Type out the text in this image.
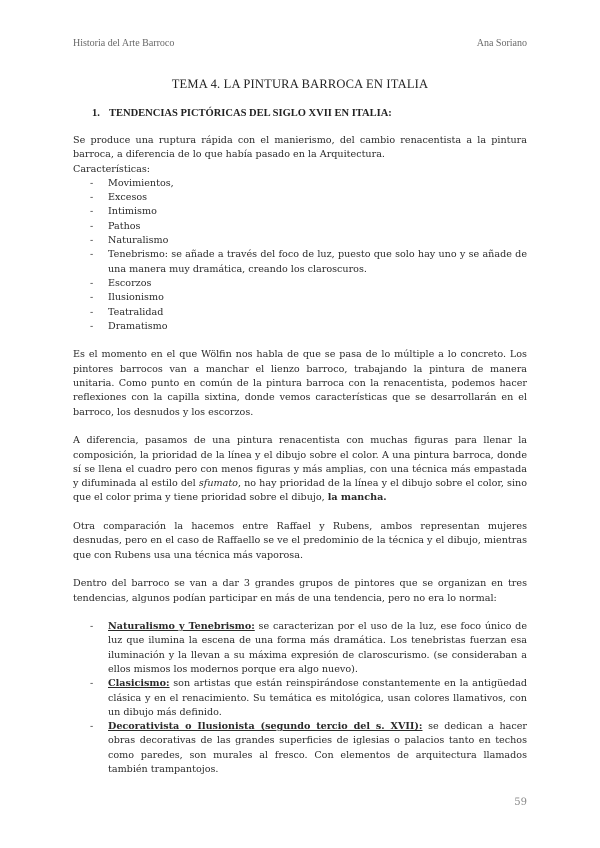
Historia del Arte Barroco	Ana Soriano
TEMA 4. LA PINTURA BARROCA EN ITALIA
1. TENDENCIAS PICTÓRICAS DEL SIGLO XVII EN ITALIA:

Se produce una ruptura rápida con el manierismo, del cambio renacentista a la pintura barroca, a diferencia de lo que había pasado en la Arquitectura.

Características:

- Movimientos,
- Excesos
- Intimismo
- Pathos
- Naturalismo
- Tenebrismo: se añade a través del foco de luz, puesto que solo hay uno y se añade de una manera muy dramática, creando los claroscuros.
- Escorzos
- Ilusionismo
- Teatralidad
- Dramatismo

Es el momento en el que Wölfin nos habla de que se pasa de lo múltiple a lo concreto. Los pintores barrocos van a manchar el lienzo barroco, trabajando la pintura de manera unitaria. Como punto en común de la pintura barroca con la renacentista, podemos hacer reflexiones con la capilla sixtina, donde vemos características que se desarrollarán en el barroco, los desnudos y los escorzos.

A diferencia, pasamos de una pintura renacentista con muchas figuras para llenar la composición, la prioridad de la línea y el dibujo sobre el color. A una pintura barroca, donde sí se llena el cuadro pero con menos figuras y más amplias, con una técnica más empastada y difuminada al estilo del sfumato, no hay prioridad de la línea y el dibujo sobre el color, sino que el color prima y tiene prioridad sobre el dibujo, la mancha.

Otra comparación la hacemos entre Raffael y Rubens, ambos representan mujeres desnudas, pero en el caso de Raffaello se ve el predominio de la técnica y el dibujo, mientras que con Rubens usa una técnica más vaporosa.

Dentro del barroco se van a dar 3 grandes grupos de pintores que se organizan en tres tendencias, algunos podían participar en más de una tendencia, pero no era lo normal:

- Naturalismo y Tenebrismo: se caracterizan por el uso de la luz, ese foco único de luz que ilumina la escena de una forma más dramática. Los tenebristas fuerzan esa iluminación y la llevan a su máxima expresión de claroscurismo. (se consideraban a ellos mismos los modernos porque era algo nuevo).
- Clasicismo: son artistas que están reinspirándose constantemente en la antigüedad clásica y en el renacimiento. Su temática es mitológica, usan colores llamativos, con un dibujo más definido.
- Decorativista o Ilusionista (segundo tercio del s. XVII): se dedican a hacer obras decorativas de las grandes superficies de iglesias o palacios tanto en techos como paredes, son murales al fresco. Con elementos de arquitectura llamados también trampantojos.
59
